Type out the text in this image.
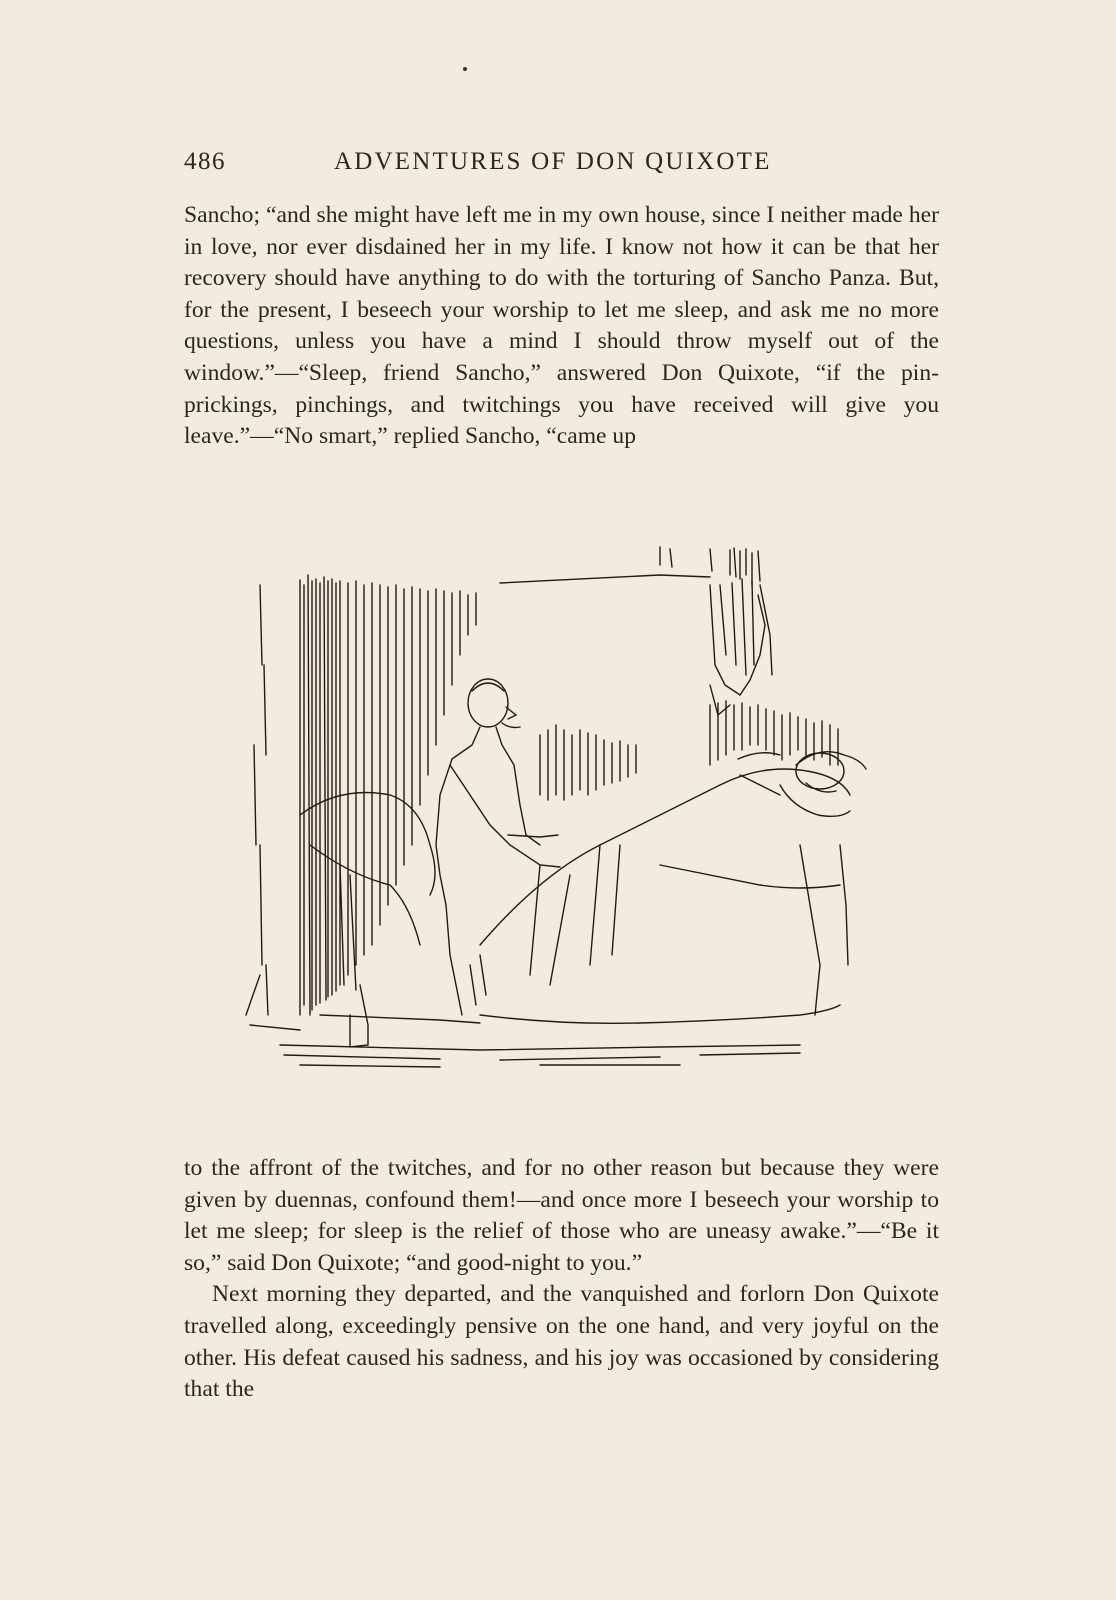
486	ADVENTURES OF DON QUIXOTE

Sancho; “and she might have left me in my own house, since I neither made her in love, nor ever disdained her in my life. I know not how it can be that her recovery should have anything to do with the torturing of Sancho Panza. But, for the present, I beseech your worship to let me sleep, and ask me no more questions, unless you have a mind I should throw myself out of the window.”—“Sleep, friend Sancho,” answered Don Quixote, “if the pin-prickings, pinchings, and twitchings you have received will give you leave.”—“No smart,” replied Sancho, “came up

to the affront of the twitches, and for no other reason but because they were given by duennas, confound them!—and once more I beseech your worship to let me sleep; for sleep is the relief of those who are uneasy awake.”—“Be it so,” said Don Quixote; “and good-night to you.”

Next morning they departed, and the vanquished and forlorn Don Quixote travelled along, exceedingly pensive on the one hand, and very joyful on the other. His defeat caused his sadness, and his joy was occasioned by considering that the
